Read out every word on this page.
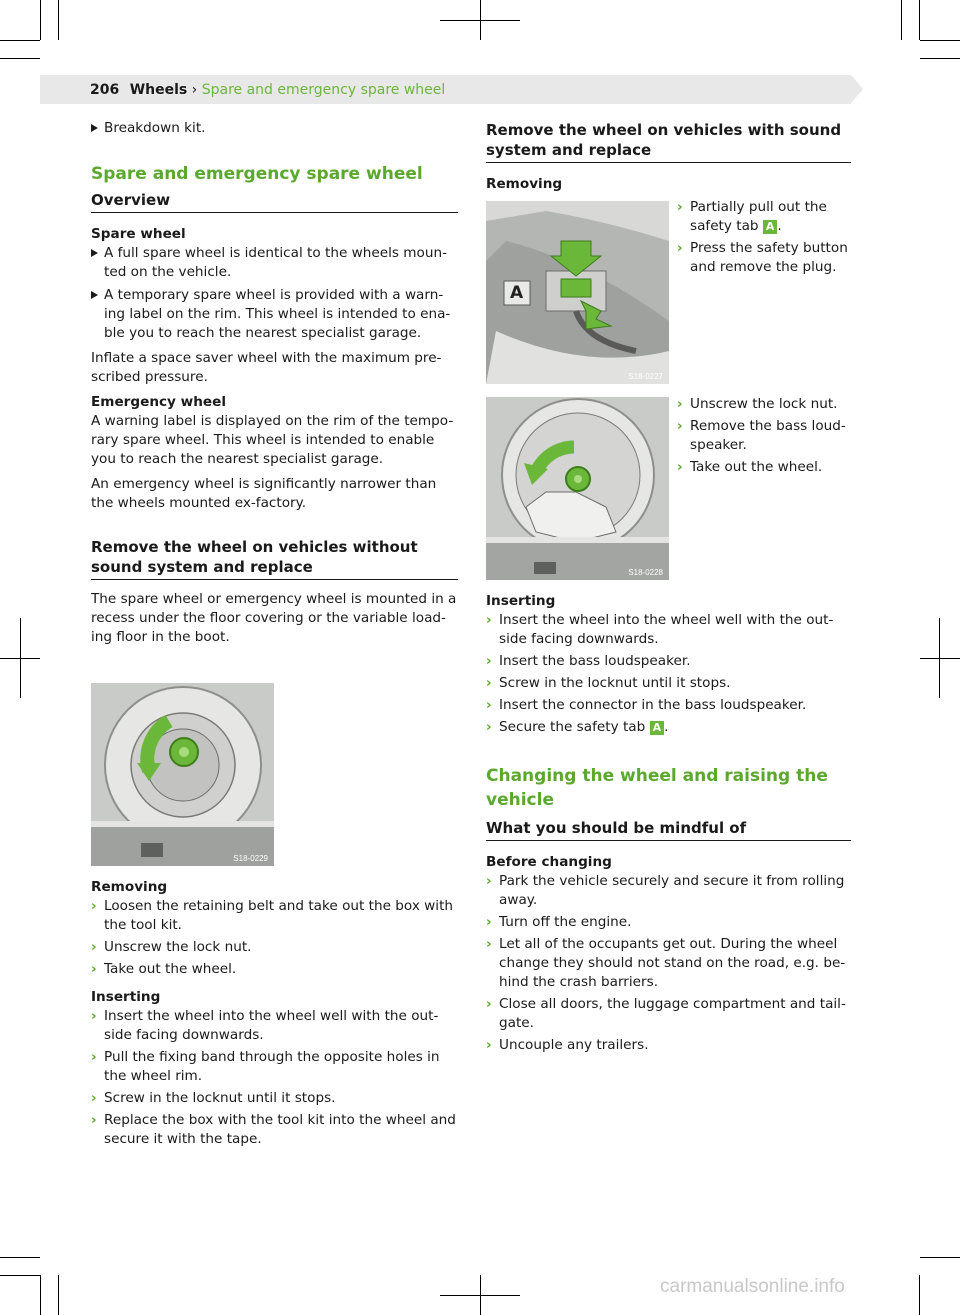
206 Wheels › Spare and emergency spare wheel
Breakdown kit.
Spare and emergency spare wheel
Overview
Spare wheel
A full spare wheel is identical to the wheels moun-ted on the vehicle.
A temporary spare wheel is provided with a warn-ing label on the rim. This wheel is intended to ena-ble you to reach the nearest specialist garage.

Inflate a space saver wheel with the maximum pre-scribed pressure.

Emergency wheel

A warning label is displayed on the rim of the tempo-rary spare wheel. This wheel is intended to enable you to reach the nearest specialist garage.

An emergency wheel is significantly narrower than the wheels mounted ex-factory.

Remove the wheel on vehicles without sound system and replace

The spare wheel or emergency wheel is mounted in a recess under the floor covering or the variable load-ing floor in the boot.

S18-0229
Removing
› Loosen the retaining belt and take out the box with the tool kit.
› Unscrew the lock nut.
› Take out the wheel.
Inserting
› Insert the wheel into the wheel well with the out-side facing downwards.
› Pull the fixing band through the opposite holes in the wheel rim.
› Screw in the locknut until it stops.
› Replace the box with the tool kit into the wheel and secure it with the tape.
Remove the wheel on vehicles with sound system and replace
Removing
A
S18-0227
› Partially pull out the safety tab A .
› Press the safety button and remove the plug.
S18-0228
› Unscrew the lock nut.
› Remove the bass loud-speaker.
› Take out the wheel.
Inserting
› Insert the wheel into the wheel well with the out-side facing downwards.
› Insert the bass loudspeaker.
› Screw in the locknut until it stops.
› Insert the connector in the bass loudspeaker.
› Secure the safety tab A .
Changing the wheel and raising the vehicle
What you should be mindful of
Before changing
› Park the vehicle securely and secure it from rolling away.
› Turn off the engine.
› Let all of the occupants get out. During the wheel change they should not stand on the road, e.g. be-hind the crash barriers.
› Close all doors, the luggage compartment and tail-gate.
› Uncouple any trailers.
carmanualsonline.info
